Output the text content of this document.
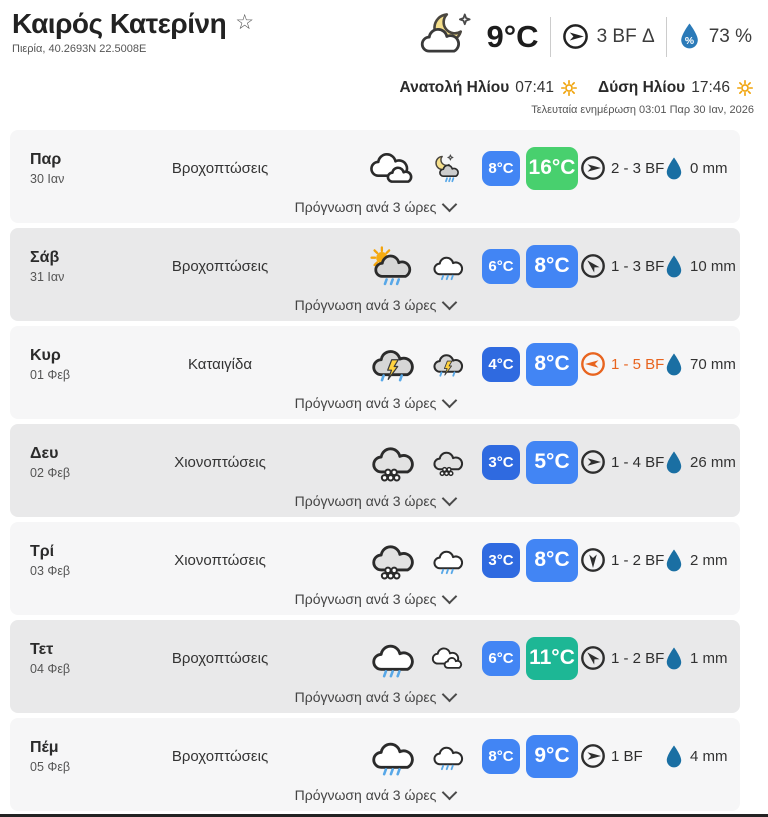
Καιρός Κατερίνη ☆
Πιερία, 40.2693N 22.5008E	9°C	3 BF Δ	% 73 %
Ανατολή Ηλίου 07:41	Δύση Ηλίου 17:46
Τελευταία ενημέρωση 03:01 Παρ 30 Ιαν, 2026
Παρ
30 Ιαν
Βροχοπτώσεις	8°C 16°C 2 - 3 BF 0 mm
Πρόγνωση ανά 3 ώρες
Σάβ
31 Ιαν
Βροχοπτώσεις	6°C 8°C	1 - 3 BF 10 mm
Πρόγνωση ανά 3 ώρες
Κυρ
01 Φεβ
Καταιγίδα	4°C 8°C	1 - 5 BF 70 mm
Πρόγνωση ανά 3 ώρες
Δευ
02 Φεβ
Χιονοπτώσεις	3°C 5°C	1 - 4 BF 26 mm
Πρόγνωση ανά 3 ώρες
Τρί
03 Φεβ
Χιονοπτώσεις	3°C 8°C	1 - 2 BF 2 mm
Πρόγνωση ανά 3 ώρες
Τετ
04 Φεβ
Βροχοπτώσεις	6°C 11°C 1 - 2 BF 1 mm
Πρόγνωση ανά 3 ώρες
Πέμ
05 Φεβ
Βροχοπτώσεις	8°C 9°C	1 BF	4 mm
Πρόγνωση ανά 3 ώρες
